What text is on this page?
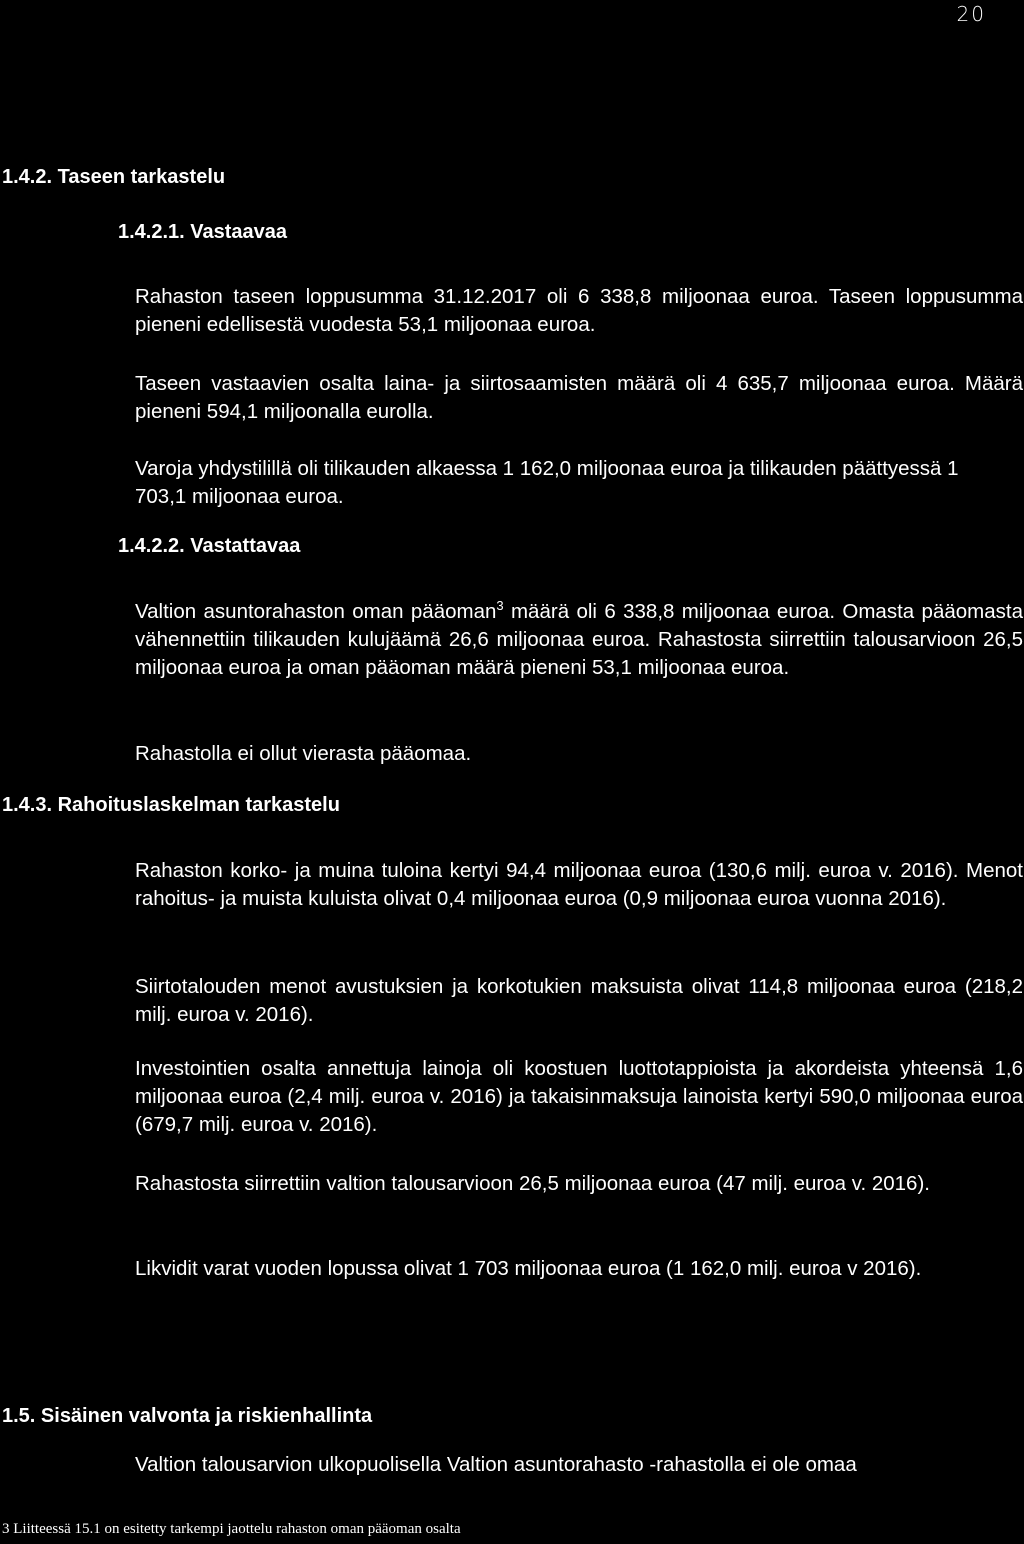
20
1.4.2. Taseen tarkastelu
1.4.2.1. Vastaavaa

Rahaston taseen loppusumma 31.12.2017 oli 6 338,8 miljoonaa euroa. Taseen loppusumma pieneni edellisestä vuodesta 53,1 miljoonaa euroa.

Taseen vastaavien osalta laina- ja siirtosaamisten määrä oli 4 635,7 miljoonaa euroa. Määrä pieneni 594,1 miljoonalla eurolla.

Varoja yhdystilillä oli tilikauden alkaessa 1 162,0 miljoonaa euroa ja tilikauden päättyessä 1 703,1 miljoonaa euroa.

1.4.2.2. Vastattavaa

Valtion asuntorahaston oman pääoman$^3$ määrä oli 6 338,8 miljoonaa euroa. Omasta pääomasta vähennettiin tilikauden kulujäämä 26,6 miljoonaa euroa. Rahastosta siirrettiin talousarvioon 26,5 miljoonaa euroa ja oman pääoman määrä pieneni 53,1 miljoonaa euroa.

Rahastolla ei ollut vierasta pääomaa.

1.4.3. Rahoituslaskelman tarkastelu

Rahaston korko- ja muina tuloina kertyi 94,4 miljoonaa euroa (130,6 milj. euroa v. 2016). Menot rahoitus- ja muista kuluista olivat 0,4 miljoonaa euroa (0,9 miljoonaa euroa vuonna 2016).

Siirtotalouden menot avustuksien ja korkotukien maksuista olivat 114,8 miljoonaa euroa (218,2 milj. euroa v. 2016).

Investointien osalta annettuja lainoja oli koostuen luottotappioista ja akordeista yhteensä 1,6 miljoonaa euroa (2,4 milj. euroa v. 2016) ja takaisinmaksuja lainoista kertyi 590,0 miljoonaa euroa (679,7 milj. euroa v. 2016).

Rahastosta siirrettiin valtion talousarvioon 26,5 miljoonaa euroa (47 milj. euroa v. 2016).

Likvidit varat vuoden lopussa olivat 1 703 miljoonaa euroa (1 162,0 milj. euroa v 2016).

1.5. Sisäinen valvonta ja riskienhallinta

Valtion talousarvion ulkopuolisella Valtion asuntorahasto -rahastolla ei ole omaa

3 Liitteessä 15.1 on esitetty tarkempi jaottelu rahaston oman pääoman osalta
